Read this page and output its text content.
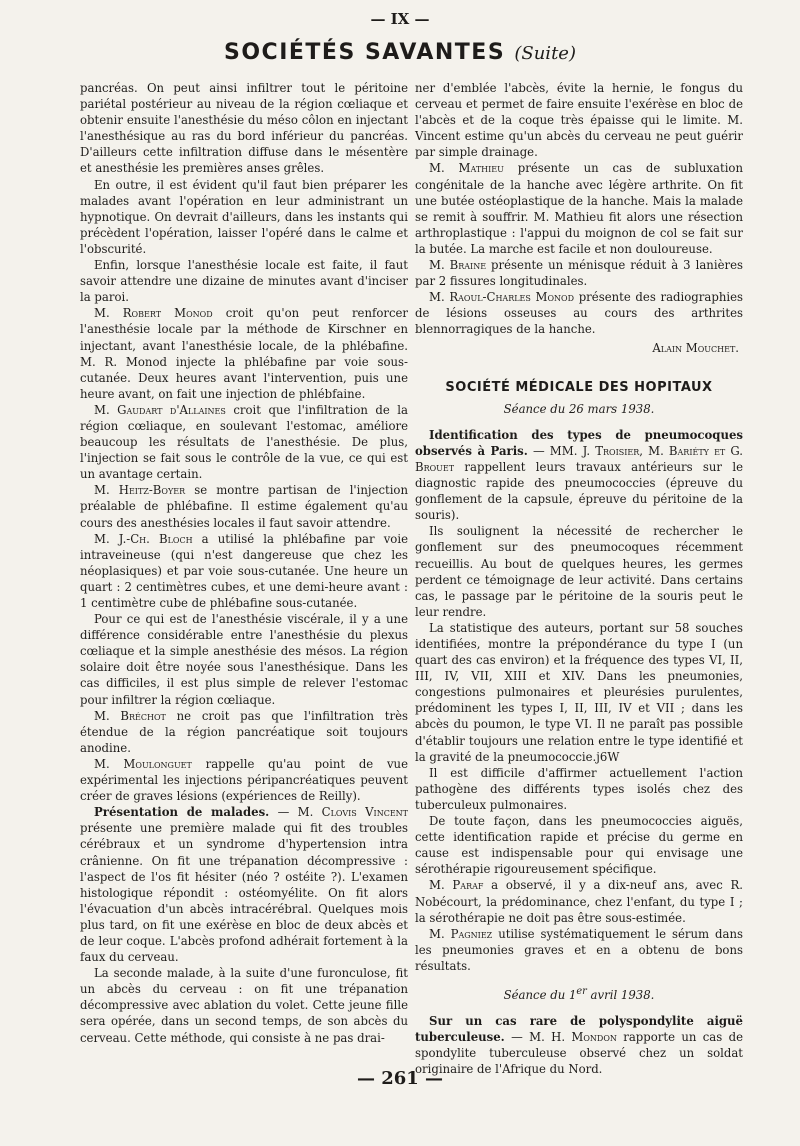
— IX —
SOCIÉTÉS SAVANTES (Suite)

pancréas. On peut ainsi infiltrer tout le péritoine pariétal postérieur au niveau de la région cœliaque et obtenir ensuite l'anesthésie du méso côlon en injectant l'anesthésique au ras du bord inférieur du pancréas. D'ailleurs cette infiltration diffuse dans le mésentère et anesthésie les premières anses grêles.

En outre, il est évident qu'il faut bien préparer les malades avant l'opération en leur administrant un hypnotique. On devrait d'ailleurs, dans les instants qui précèdent l'opération, laisser l'opéré dans le calme et l'obscurité.

Enfin, lorsque l'anesthésie locale est faite, il faut savoir attendre une dizaine de minutes avant d'inciser la paroi.

M. Robert Monod croit qu'on peut renforcer l'anesthésie locale par la méthode de Kirschner en injectant, avant l'anesthésie locale, de la phlébafine. M. R. Monod injecte la phlébafine par voie sous-cutanée. Deux heures avant l'intervention, puis une heure avant, on fait une injection de phlébfaine.

M. Gaudart d'Allaines croit que l'infiltration de la région cœliaque, en soulevant l'estomac, améliore beaucoup les résultats de l'anesthésie. De plus, l'injection se fait sous le contrôle de la vue, ce qui est un avantage certain.

M. Heitz-Boyer se montre partisan de l'injection préalable de phlébafine. Il estime également qu'au cours des anesthésies locales il faut savoir attendre.

M. J.-Ch. Bloch a utilisé la phlébafine par voie intraveineuse (qui n'est dangereuse que chez les néoplasiques) et par voie sous-cutanée. Une heure un quart : 2 centimètres cubes, et une demi-heure avant : 1 centimètre cube de phlébafine sous-cutanée.

Pour ce qui est de l'anesthésie viscérale, il y a une différence considérable entre l'anesthésie du plexus cœliaque et la simple anesthésie des mésos. La région solaire doit être noyée sous l'anesthésique. Dans les cas difficiles, il est plus simple de relever l'estomac pour infiltrer la région cœliaque.

M. Bréchot ne croit pas que l'infiltration très étendue de la région pancréatique soit toujours anodine.

M. Moulonguet rappelle qu'au point de vue expérimental les injections péripancréatiques peuvent créer de graves lésions (expériences de Reilly).

Présentation de malades. — M. Clovis Vincent présente une première malade qui fit des troubles cérébraux et un syndrome d'hypertension intra crânienne. On fit une trépanation décompressive : l'aspect de l'os fit hésiter (néo ? ostéite ?). L'examen histologique répondit : ostéomyélite. On fit alors l'évacuation d'un abcès intracérébral. Quelques mois plus tard, on fit une exérèse en bloc de deux abcès et de leur coque. L'abcès profond adhérait fortement à la faux du cerveau.

La seconde malade, à la suite d'une furonculose, fit un abcès du cerveau : on fit une trépanation décompressive avec ablation du volet. Cette jeune fille sera opérée, dans un second temps, de son abcès du cerveau. Cette méthode, qui consiste à ne pas drai-

ner d'emblée l'abcès, évite la hernie, le fongus du cerveau et permet de faire ensuite l'exérèse en bloc de l'abcès et de la coque très épaisse qui le limite. M. Vincent estime qu'un abcès du cerveau ne peut guérir par simple drainage.

M. Mathieu présente un cas de subluxation congénitale de la hanche avec légère arthrite. On fit une butée ostéoplastique de la hanche. Mais la malade se remit à souffrir. M. Mathieu fit alors une résection arthroplastique : l'appui du moignon de col se fait sur la butée. La marche est facile et non douloureuse.

M. Braine présente un ménisque réduit à 3 lanières par 2 fissures longitudinales.

M. Raoul-Charles Monod présente des radiographies de lésions osseuses au cours des arthrites blennorragiques de la hanche.

Alain Mouchet.
SOCIÉTÉ MÉDICALE DES HOPITAUX
Séance du 26 mars 1938.

Identification des types de pneumocoques observés à Paris. — MM. J. Troisier, M. Bariéty et G. Brouet rappellent leurs travaux antérieurs sur le diagnostic rapide des pneumococcies (épreuve du gonflement de la capsule, épreuve du péritoine de la souris).

Ils soulignent la nécessité de rechercher le gonflement sur des pneumocoques récemment recueillis. Au bout de quelques heures, les germes perdent ce témoignage de leur activité. Dans certains cas, le passage par le péritoine de la souris peut le leur rendre.

La statistique des auteurs, portant sur 58 souches identifiées, montre la prépondérance du type I (un quart des cas environ) et la fréquence des types VI, II, III, IV, VII, XIII et XIV. Dans les pneumonies, congestions pulmonaires et pleurésies purulentes, prédominent les types I, II, III, IV et VII ; dans les abcès du poumon, le type VI. Il ne paraît pas possible d'établir toujours une relation entre le type identifié et la gravité de la pneumococcie.j6W

Il est difficile d'affirmer actuellement l'action pathogène des différents types isolés chez des tuberculeux pulmonaires.

De toute façon, dans les pneumococcies aiguës, cette identification rapide et précise du germe en cause est indispensable pour qui envisage une sérothérapie rigoureusement spécifique.

M. Paraf a observé, il y a dix-neuf ans, avec R. Nobécourt, la prédominance, chez l'enfant, du type I ; la sérothérapie ne doit pas être sous-estimée.

M. Pagniez utilise systématiquement le sérum dans les pneumonies graves et en a obtenu de bons résultats.

Séance du 1er avril 1938.

Sur un cas rare de polyspondylite aiguë tuberculeuse. — M. H. Mondon rapporte un cas de spondylite tuberculeuse observé chez un soldat originaire de l'Afrique du Nord.

— 261 —
